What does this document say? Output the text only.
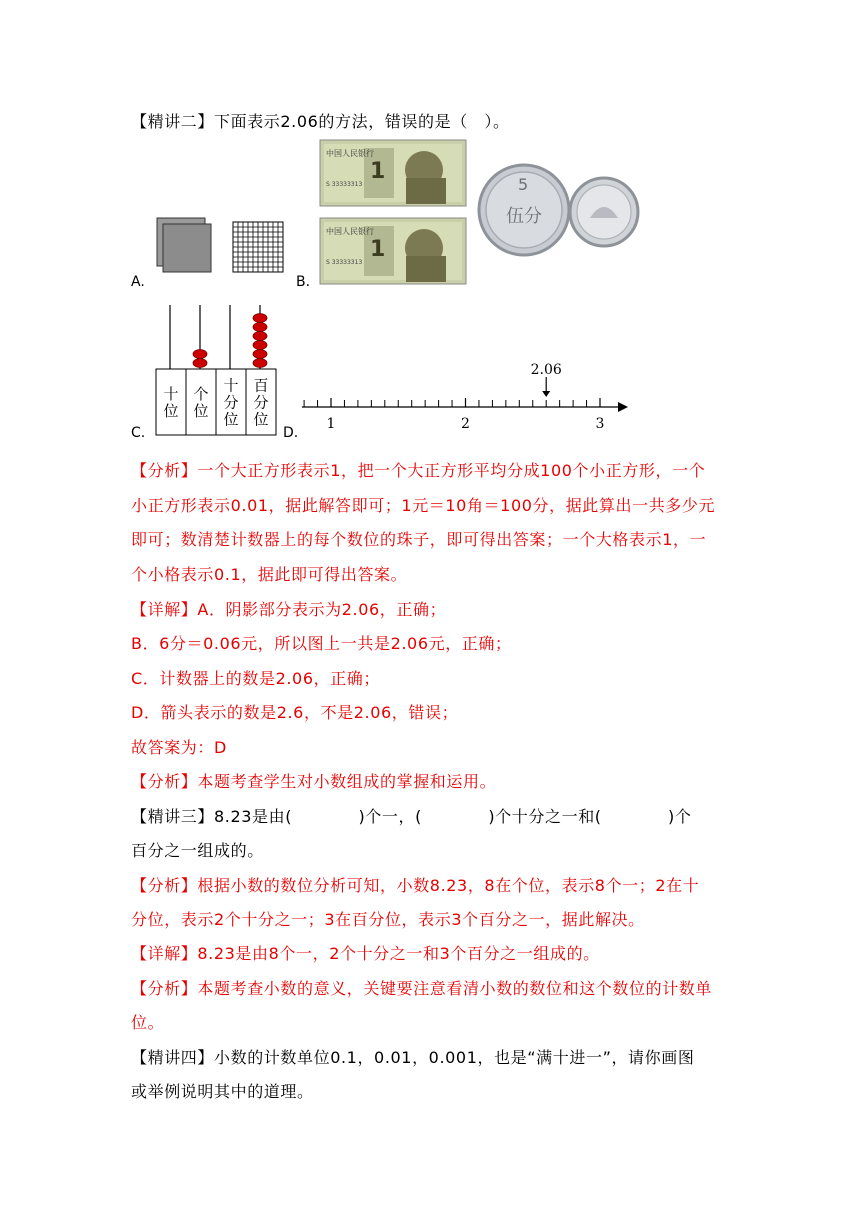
【精讲二】下面表示2.06的方法，错误的是（　）。
A.
中国人民银行
1
S 33333313
中国人民银行
1
S 33333313
5
伍分
B.
十
位
个
位
十
分
位
百
分
位
C.
1	2	3
2.06
D.
【分析】一个大正方形表示1，把一个大正方形平均分成100个小正方形，一个
小正方形表示0.01，据此解答即可；1元＝10角＝100分，据此算出一共多少元
即可；数清楚计数器上的每个数位的珠子，即可得出答案；一个大格表示1，一
个小格表示0.1，据此即可得出答案。
【详解】A．阴影部分表示为2.06，正确；
B．6分＝0.06元，所以图上一共是2.06元，正确；
C．计数器上的数是2.06，正确；
D．箭头表示的数是2.6，不是2.06，错误；
故答案为：D
【分析】本题考查学生对小数组成的掌握和运用。
【精讲三】8.23是由(　　　　)个一，(　　　　)个十分之一和(　　　　)个
百分之一组成的。
【分析】根据小数的数位分析可知，小数8.23，8在个位，表示8个一；2在十
分位，表示2个十分之一；3在百分位，表示3个百分之一，据此解决。
【详解】8.23是由8个一，2个十分之一和3个百分之一组成的。
【分析】本题考查小数的意义，关键要注意看清小数的数位和这个数位的计数单
位。
【精讲四】小数的计数单位0.1，0.01，0.001，也是“满十进一”，请你画图
或举例说明其中的道理。
